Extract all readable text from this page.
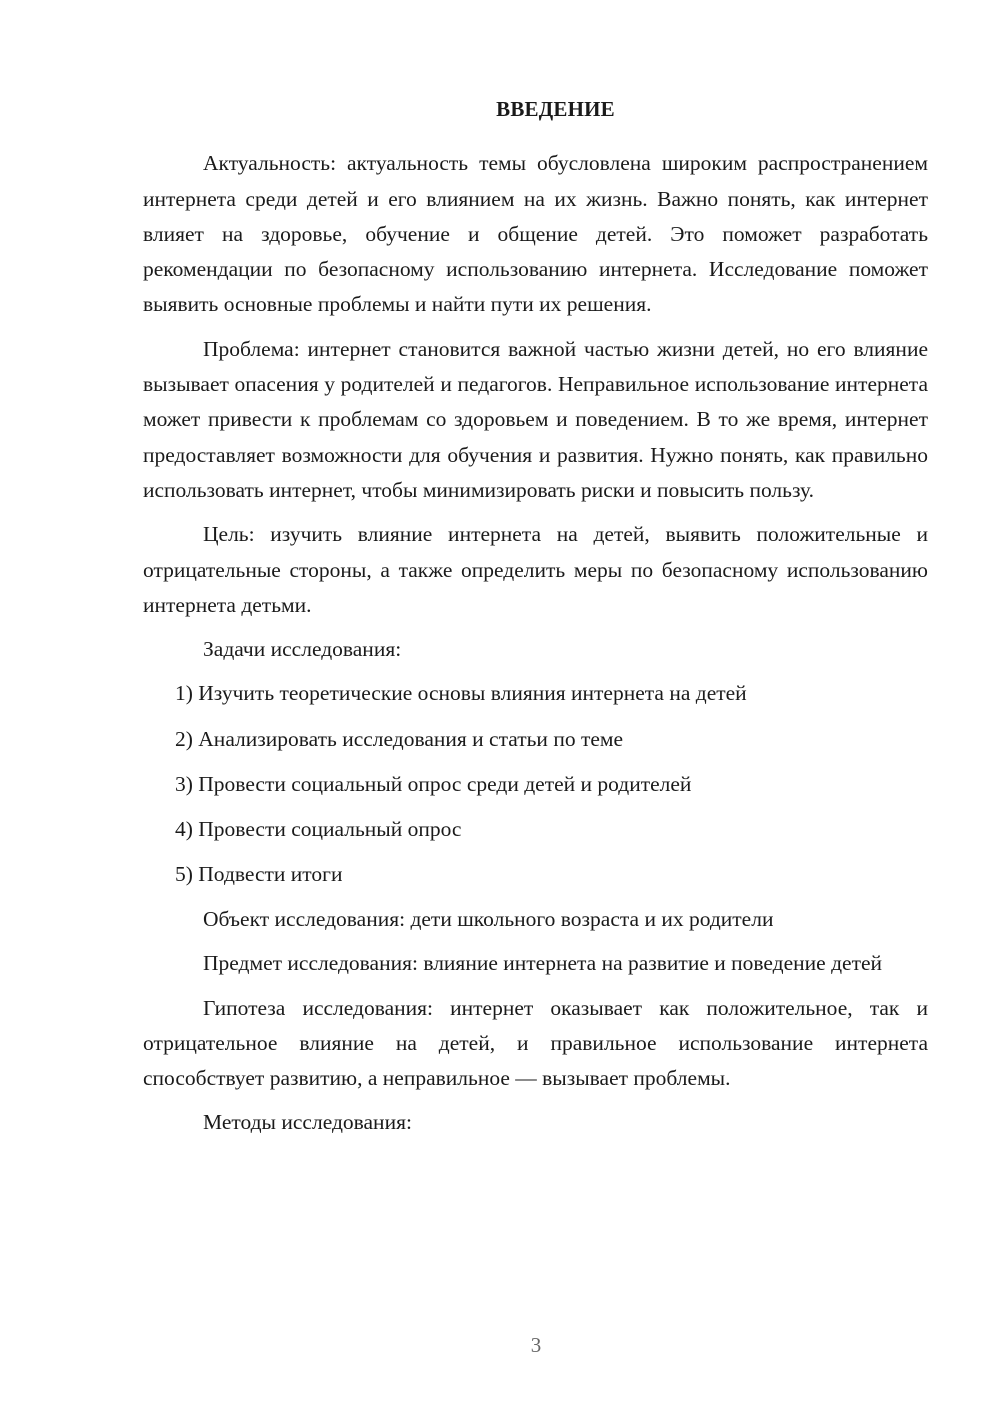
ВВЕДЕНИЕ

Актуальность: актуальность темы обусловлена широким распространением интернета среди детей и его влиянием на их жизнь. Важно понять, как интернет влияет на здоровье, обучение и общение детей. Это поможет разработать рекомендации по безопасному использованию интернета. Исследование поможет выявить основные проблемы и найти пути их решения.

Проблема: интернет становится важной частью жизни детей, но его влияние вызывает опасения у родителей и педагогов. Неправильное использование интернета может привести к проблемам со здоровьем и поведением. В то же время, интернет предоставляет возможности для обучения и развития. Нужно понять, как правильно использовать интернет, чтобы минимизировать риски и повысить пользу.

Цель: изучить влияние интернета на детей, выявить положительные и отрицательные стороны, а также определить меры по безопасному использованию интернета детьми.

Задачи исследования:

1) Изучить теоретические основы влияния интернета на детей
2) Анализировать исследования и статьи по теме
3) Провести социальный опрос среди детей и родителей
4) Провести социальный опрос
5) Подвести итоги

Объект исследования: дети школьного возраста и их родители

Предмет исследования: влияние интернета на развитие и поведение детей

Гипотеза исследования: интернет оказывает как положительное, так и отрицательное влияние на детей, и правильное использование интернета способствует развитию, а неправильное — вызывает проблемы.

Методы исследования:

3
